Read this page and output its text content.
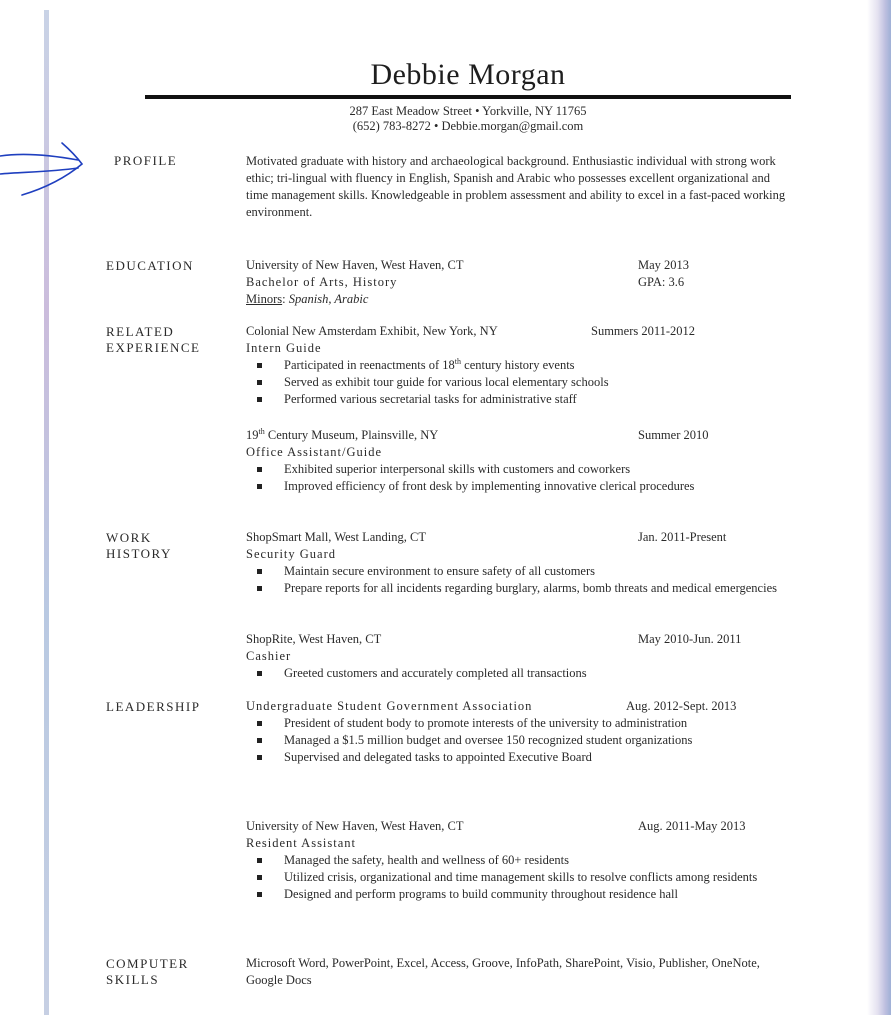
Debbie Morgan
287 East Meadow Street • Yorkville, NY 11765
(652) 783-8272 • Debbie.morgan@gmail.com
PROFILE	Motivated graduate with history and archaeological background. Enthusiastic individual with strong work ethic; tri-lingual with fluency in English, Spanish and Arabic who possesses excellent organizational and time management skills. Knowledgeable in problem assessment and ability to excel in a fast-paced working environment.
EDUCATION	University of New Haven, West Haven, CT	May 2013
Bachelor of Arts, History	GPA: 3.6
Minors: Spanish, Arabic
RELATED
EXPERIENCE
Colonial New Amsterdam Exhibit, New York, NY	Summers 2011-2012
Intern Guide
Participated in reenactments of 18th century history events
Served as exhibit tour guide for various local elementary schools
Performed various secretarial tasks for administrative staff
19th Century Museum, Plainsville, NY	Summer 2010
Office Assistant/Guide
Exhibited superior interpersonal skills with customers and coworkers
Improved efficiency of front desk by implementing innovative clerical procedures
WORK
HISTORY
ShopSmart Mall, West Landing, CT	Jan. 2011-Present
Security Guard
Maintain secure environment to ensure safety of all customers
Prepare reports for all incidents regarding burglary, alarms, bomb threats and medical emergencies
ShopRite, West Haven, CT	May 2010-Jun. 2011
Cashier
Greeted customers and accurately completed all transactions
LEADERSHIP	Undergraduate Student Government Association	Aug. 2012-Sept. 2013
President of student body to promote interests of the university to administration
Managed a $1.5 million budget and oversee 150 recognized student organizations
Supervised and delegated tasks to appointed Executive Board
University of New Haven, West Haven, CT	Aug. 2011-May 2013
Resident Assistant
Managed the safety, health and wellness of 60+ residents
Utilized crisis, organizational and time management skills to resolve conflicts among residents
Designed and perform programs to build community throughout residence hall
COMPUTER
SKILLS
Microsoft Word, PowerPoint, Excel, Access, Groove, InfoPath, SharePoint, Visio, Publisher, OneNote, Google Docs
